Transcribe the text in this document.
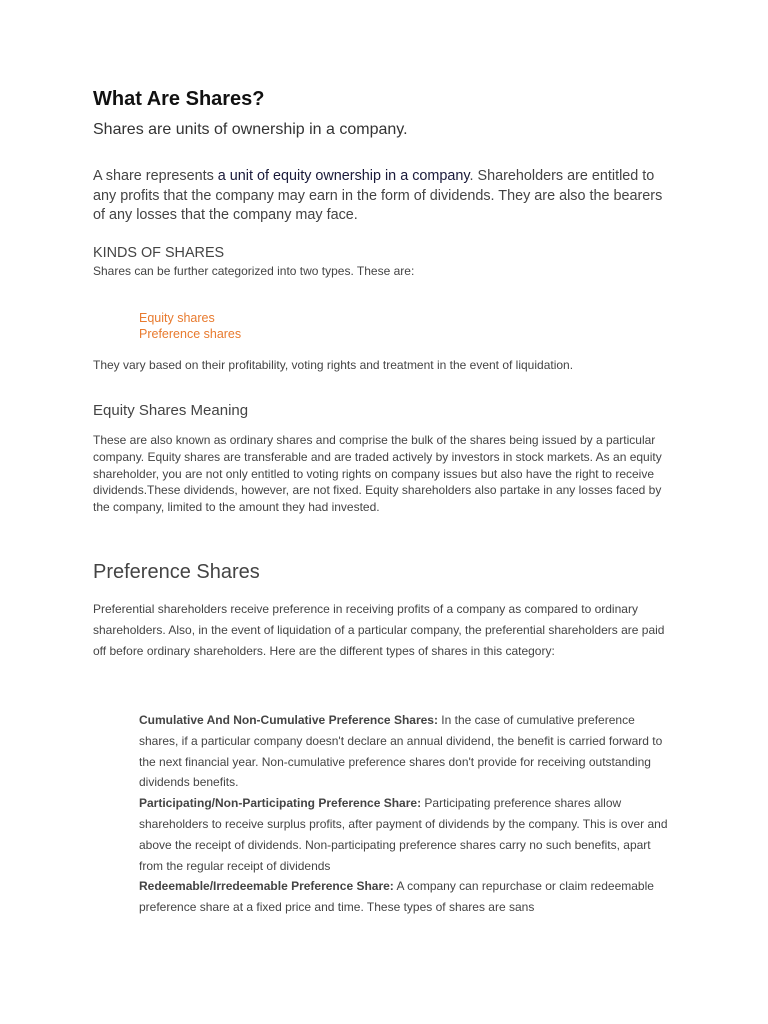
What Are Shares?

Shares are units of ownership in a company.

A share represents a unit of equity ownership in a company. Shareholders are entitled to any profits that the company may earn in the form of dividends. They are also the bearers of any losses that the company may face.

KINDS OF SHARES

Shares can be further categorized into two types. These are:

Equity shares
Preference shares

They vary based on their profitability, voting rights and treatment in the event of liquidation.

Equity Shares Meaning

These are also known as ordinary shares and comprise the bulk of the shares being issued by a particular company. Equity shares are transferable and are traded actively by investors in stock markets. As an equity shareholder, you are not only entitled to voting rights on company issues but also have the right to receive dividends.These dividends, however, are not fixed. Equity shareholders also partake in any losses faced by the company, limited to the amount they had invested.

Preference Shares

Preferential shareholders receive preference in receiving profits of a company as compared to ordinary shareholders. Also, in the event of liquidation of a particular company, the preferential shareholders are paid off before ordinary shareholders. Here are the different types of shares in this category:

Cumulative And Non-Cumulative Preference Shares: In the case of cumulative preference shares, if a particular company doesn't declare an annual dividend, the benefit is carried forward to the next financial year. Non-cumulative preference shares don't provide for receiving outstanding dividends benefits.
Participating/Non-Participating Preference Share: Participating preference shares allow shareholders to receive surplus profits, after payment of dividends by the company. This is over and above the receipt of dividends. Non-participating preference shares carry no such benefits, apart from the regular receipt of dividends
Redeemable/Irredeemable Preference Share: A company can repurchase or claim redeemable preference share at a fixed price and time. These types of shares are sans
